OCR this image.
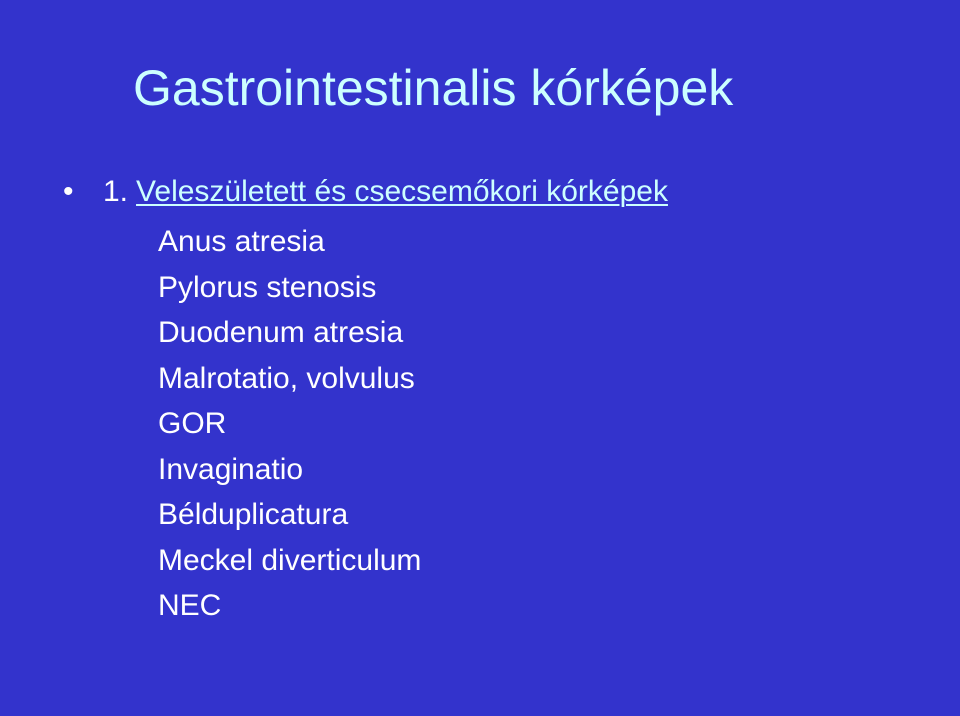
Gastrointestinalis kórképek
• 1. Veleszületett és csecsemőkori kórképek
Anus atresia
Pylorus stenosis
Duodenum atresia
Malrotatio, volvulus
GOR
Invaginatio
Bélduplicatura
Meckel diverticulum
NEC
